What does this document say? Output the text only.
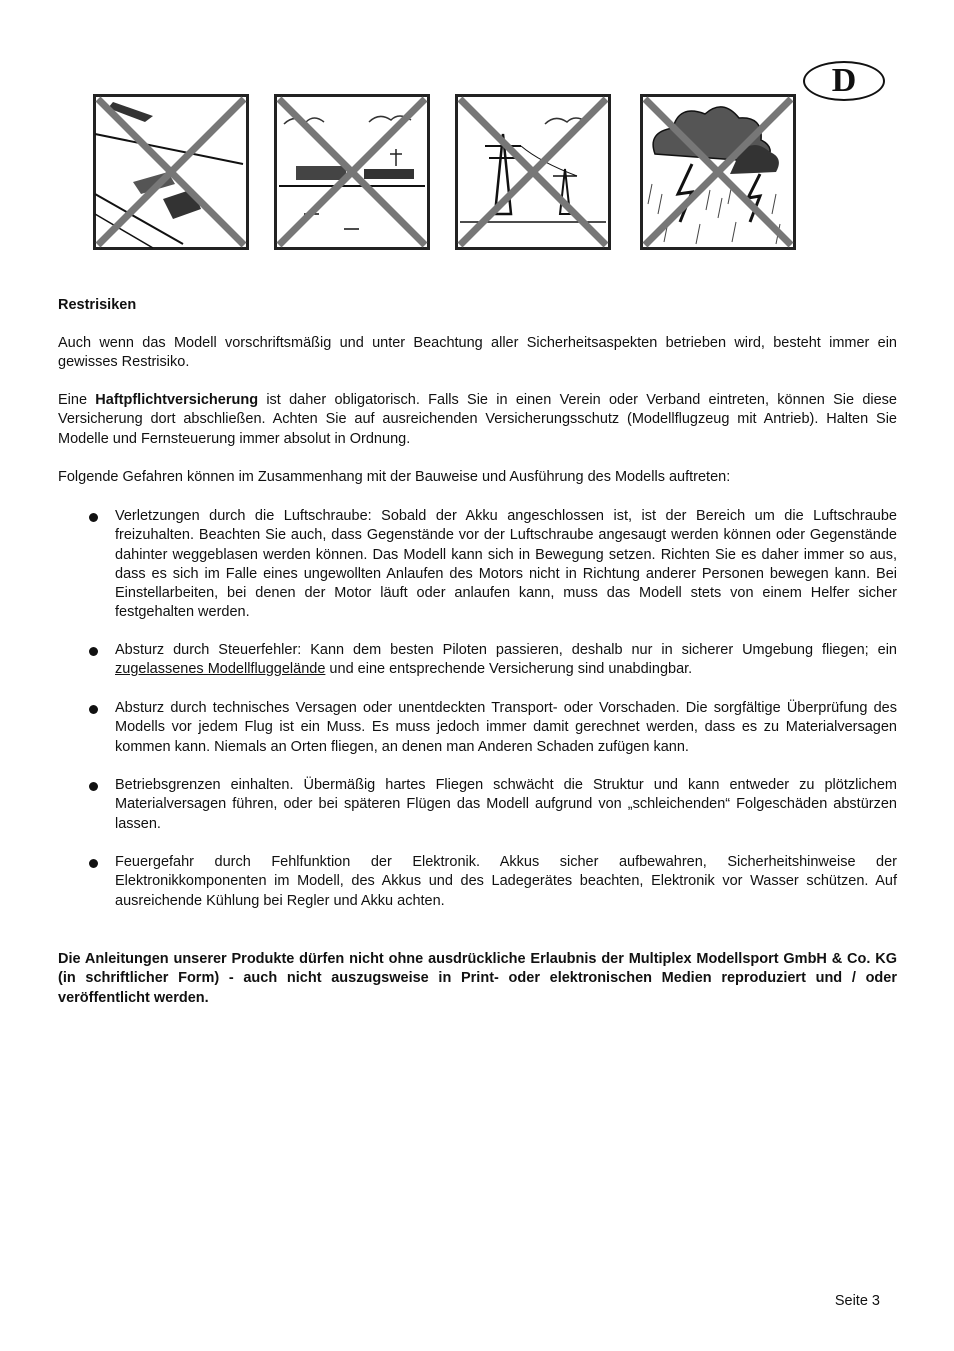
D
Restrisiken

Auch wenn das Modell vorschriftsmäßig und unter Beachtung aller Sicherheitsaspekten betrieben wird, besteht immer ein gewisses Restrisiko.

Eine Haftpflichtversicherung ist daher obligatorisch. Falls Sie in einen Verein oder Verband eintreten, können Sie diese Versicherung dort abschließen. Achten Sie auf ausreichenden Versicherungsschutz (Modellflugzeug mit Antrieb). Halten Sie Modelle und Fernsteuerung immer absolut in Ordnung.

Folgende Gefahren können im Zusammenhang mit der Bauweise und Ausführung des Modells auftreten:

Verletzungen durch die Luftschraube: Sobald der Akku angeschlossen ist, ist der Bereich um die Luftschraube freizuhalten. Beachten Sie auch, dass Gegenstände vor der Luftschraube angesaugt werden können oder Gegenstände dahinter weggeblasen werden können. Das Modell kann sich in Bewegung setzen. Richten Sie es daher immer so aus, dass es sich im Falle eines ungewollten Anlaufen des Motors nicht in Richtung anderer Personen bewegen kann. Bei Einstellarbeiten, bei denen der Motor läuft oder anlaufen kann, muss das Modell stets von einem Helfer sicher festgehalten werden.
Absturz durch Steuerfehler: Kann dem besten Piloten passieren, deshalb nur in sicherer Umgebung fliegen; ein zugelassenes Modellfluggelände und eine entsprechende Versicherung sind unabdingbar.
Absturz durch technisches Versagen oder unentdeckten Transport- oder Vorschaden. Die sorgfältige Überprüfung des Modells vor jedem Flug ist ein Muss. Es muss jedoch immer damit gerechnet werden, dass es zu Materialversagen kommen kann. Niemals an Orten fliegen, an denen man Anderen Schaden zufügen kann.
Betriebsgrenzen einhalten. Übermäßig hartes Fliegen schwächt die Struktur und kann entweder zu plötzlichem Materialversagen führen, oder bei späteren Flügen das Modell aufgrund von „schleichenden“ Folgeschäden abstürzen lassen.
Feuergefahr durch Fehlfunktion der Elektronik. Akkus sicher aufbewahren, Sicherheitshinweise der Elektronikkomponenten im Modell, des Akkus und des Ladegerätes beachten, Elektronik vor Wasser schützen. Auf ausreichende Kühlung bei Regler und Akku achten.

Die Anleitungen unserer Produkte dürfen nicht ohne ausdrückliche Erlaubnis der Multiplex Modellsport GmbH & Co. KG (in schriftlicher Form) - auch nicht auszugsweise in Print- oder elektronischen Medien reproduziert und / oder veröffentlicht werden.

Seite 3
